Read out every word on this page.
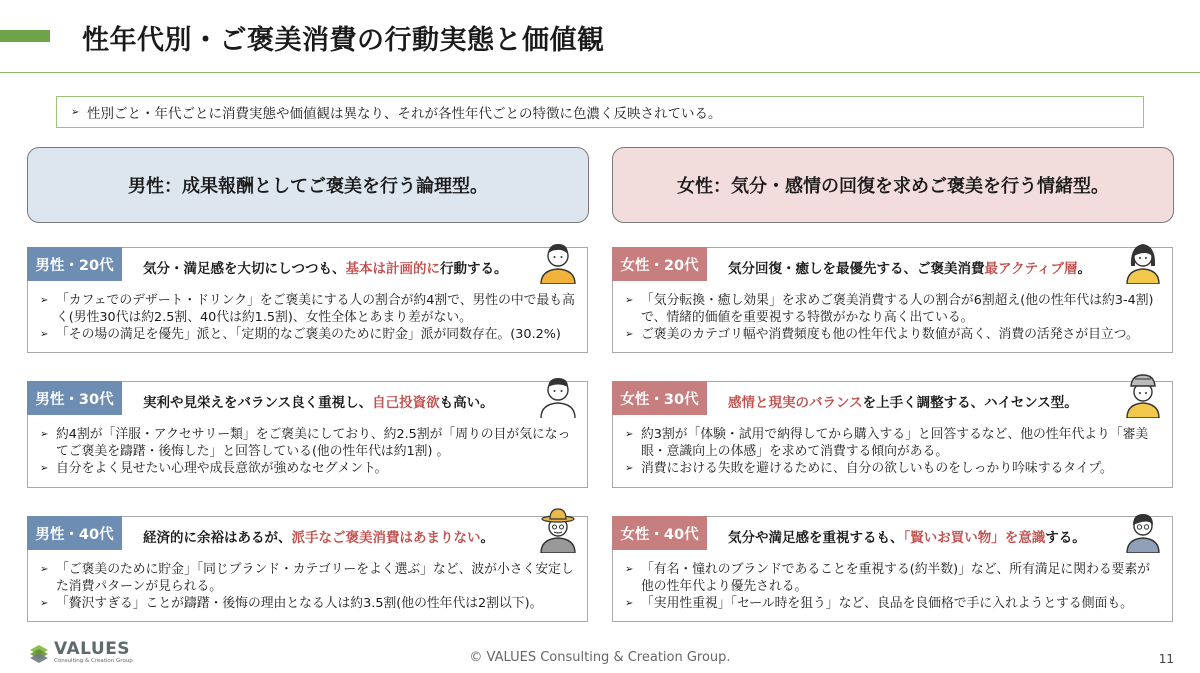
性年代別・ご褒美消費の行動実態と価値観
➢ 性別ごと・年代ごとに消費実態や価値観は異なり、それが各性年代ごとの特徴に色濃く反映されている。
男性：成果報酬としてご褒美を行う論理型。	女性：気分・感情の回復を求めご褒美を行う情緒型。
男性・20代	気分・満足感を大切にしつつも、基本は計画的に行動する。
➢ 「カフェでのデザート・ドリンク」をご褒美にする人の割合が約4割で、男性の中で最も高く(男性30代は約2.5割、40代は約1.5割)、女性全体とあまり差がない。
➢ 「その場の満足を優先」派と、「定期的なご褒美のために貯金」派が同数存在。(30.2%)
女性・20代	気分回復・癒しを最優先する、ご褒美消費最アクティブ層。
➢ 「気分転換・癒し効果」を求めご褒美消費する人の割合が6割超え(他の性年代は約3-4割)で、情緒的価値を重要視する特徴がかなり高く出ている。
➢ ご褒美のカテゴリ幅や消費頻度も他の性年代より数値が高く、消費の活発さが目立つ。
男性・30代	実利や見栄えをバランス良く重視し、自己投資欲も高い。
➢ 約4割が「洋服・アクセサリー類」をご褒美にしており、約2.5割が「周りの目が気になってご褒美を躊躇・後悔した」と回答している(他の性年代は約1割) 。
➢ 自分をよく見せたい心理や成長意欲が強めなセグメント。
女性・30代	感情と現実のバランスを上手く調整する、ハイセンス型。
➢ 約3割が「体験・試用で納得してから購入する」と回答するなど、他の性年代より「審美眼・意識向上の体感」を求めて消費する傾向がある。
➢ 消費における失敗を避けるために、自分の欲しいものをしっかり吟味するタイプ。
男性・40代	経済的に余裕はあるが、派手なご褒美消費はあまりない。
➢ 「ご褒美のために貯金」「同じブランド・カテゴリーをよく選ぶ」など、波が小さく安定した消費パターンが見られる。
➢ 「贅沢すぎる」ことが躊躇・後悔の理由となる人は約3.5割(他の性年代は2割以下)。
女性・40代	気分や満足感を重視するも、「賢いお買い物」を意識する。
➢ 「有名・憧れのブランドであることを重視する(約半数)」など、所有満足に関わる要素が他の性年代より優先される。
➢ 「実用性重視」「セール時を狙う」など、良品を良価格で手に入れようとする側面も。
VALUES
Consulting & Creation Group	© VALUES Consulting & Creation Group.	11
